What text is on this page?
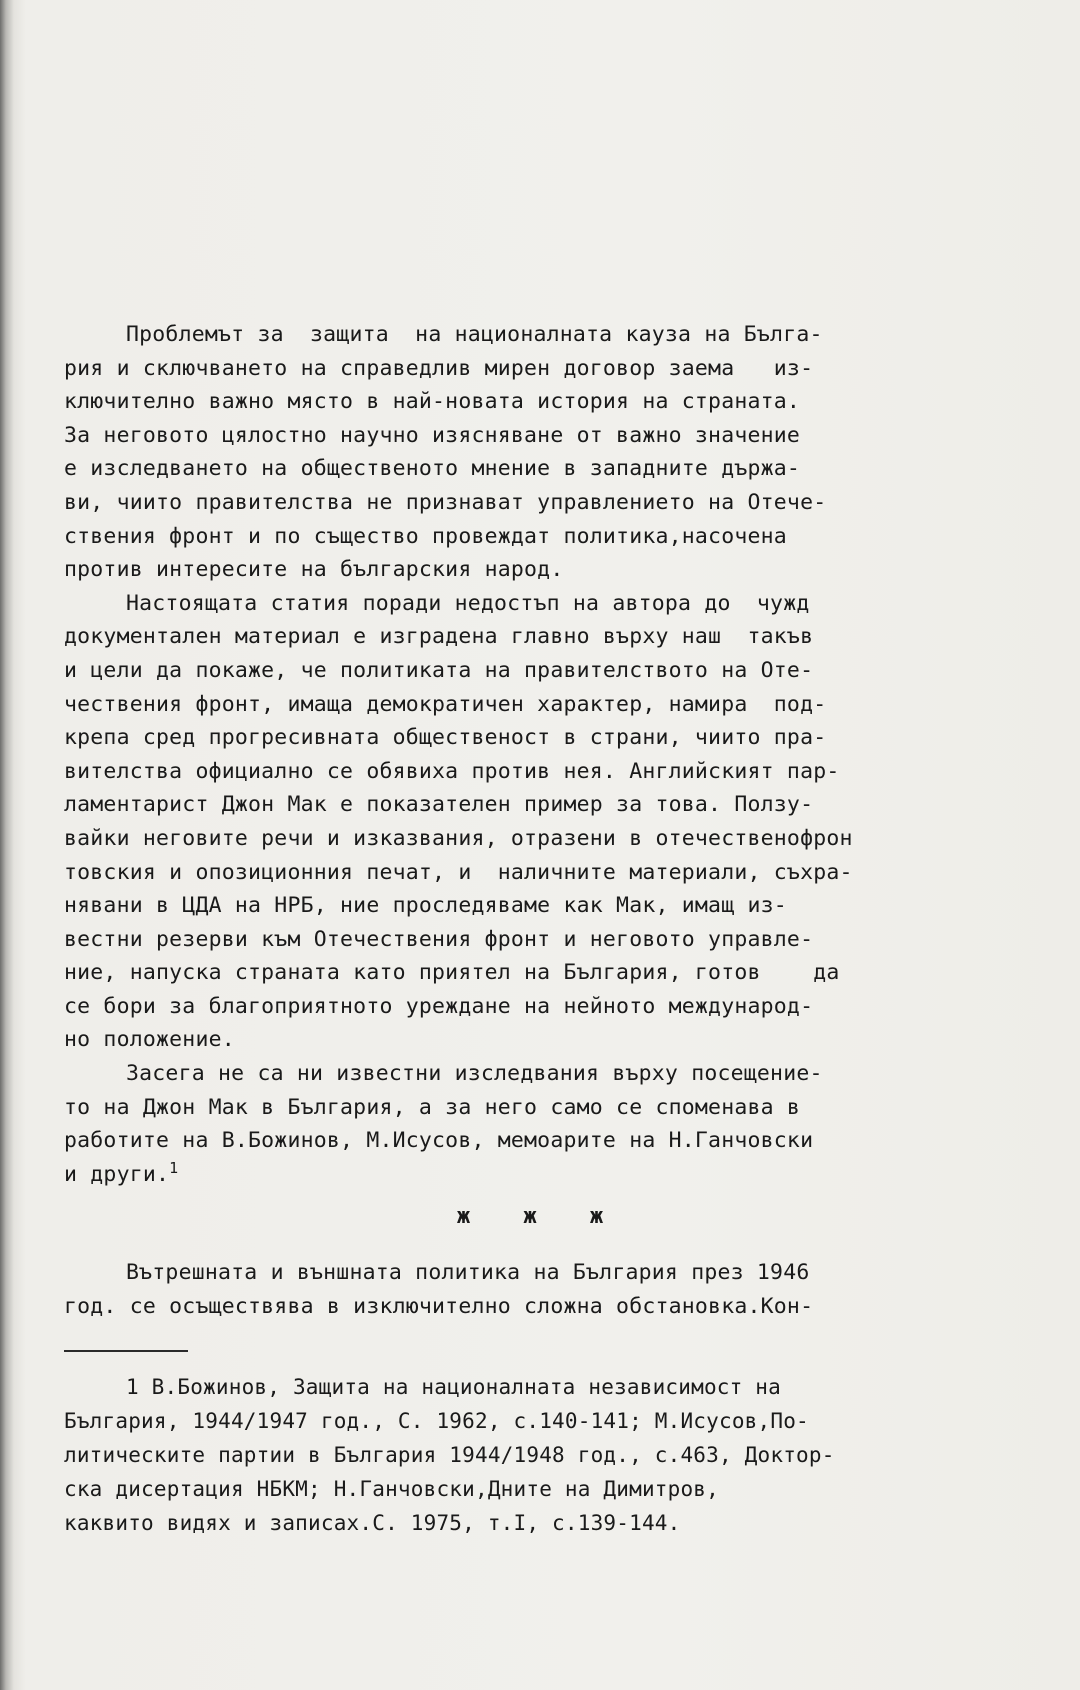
Проблемът за  защита  на националната кауза на Бълга-
рия и сключването на справедлив мирен договор заема   из-
ключително важно място в най-новата история на страната.
За неговото цялостно научно изясняване от важно значение
е изследването на общественото мнение в западните държа-
ви, чиито правителства не признават управлението на Отече-
ствения фронт и по същество провеждат политика,насочена
против интересите на българския народ.
Настоящата статия поради недостъп на автора до  чужд
документален материал е изградена главно върху наш  такъв
и цели да покаже, че политиката на правителството на Оте-
чествения фронт, имаща демократичен характер, намира  под-
крепа сред прогресивната общественост в страни, чиито пра-
вителства официално се обявиха против нея. Английският пар-
ламентарист Джон Мак е показателен пример за това. Ползу-
вайки неговите речи и изказвания, отразени в отечественофрон
товския и опозиционния печат, и  наличните материали, съхра-
нявани в ЦДА на НРБ, ние проследяваме как Мак, имащ из-
вестни резерви към Отечествения фронт и неговото управле-
ние, напуска страната като приятел на България, готов    да
се бори за благоприятното уреждане на нейното международ-
но положение.
Засега не са ни известни изследвания върху посещение-
то на Джон Мак в България, а за него само се споменава в
работите на В.Божинов, М.Исусов, мемоарите на Н.Ганчовски
и други.$^1$
ж ж ж
Вътрешната и външната политика на България през 1946
год. се осъществява в изключително сложна обстановка.Кон-
1 В.Божинов, Защита на националната независимост на
България, 1944/1947 год., С. 1962, с.140-141; М.Исусов,По-
литическите партии в България 1944/1948 год., с.463, Доктор-
ска дисертация НБКМ; Н.Ганчовски,Дните на Димитров,
каквито видях и записах.С. 1975, т.I, с.139-144.
